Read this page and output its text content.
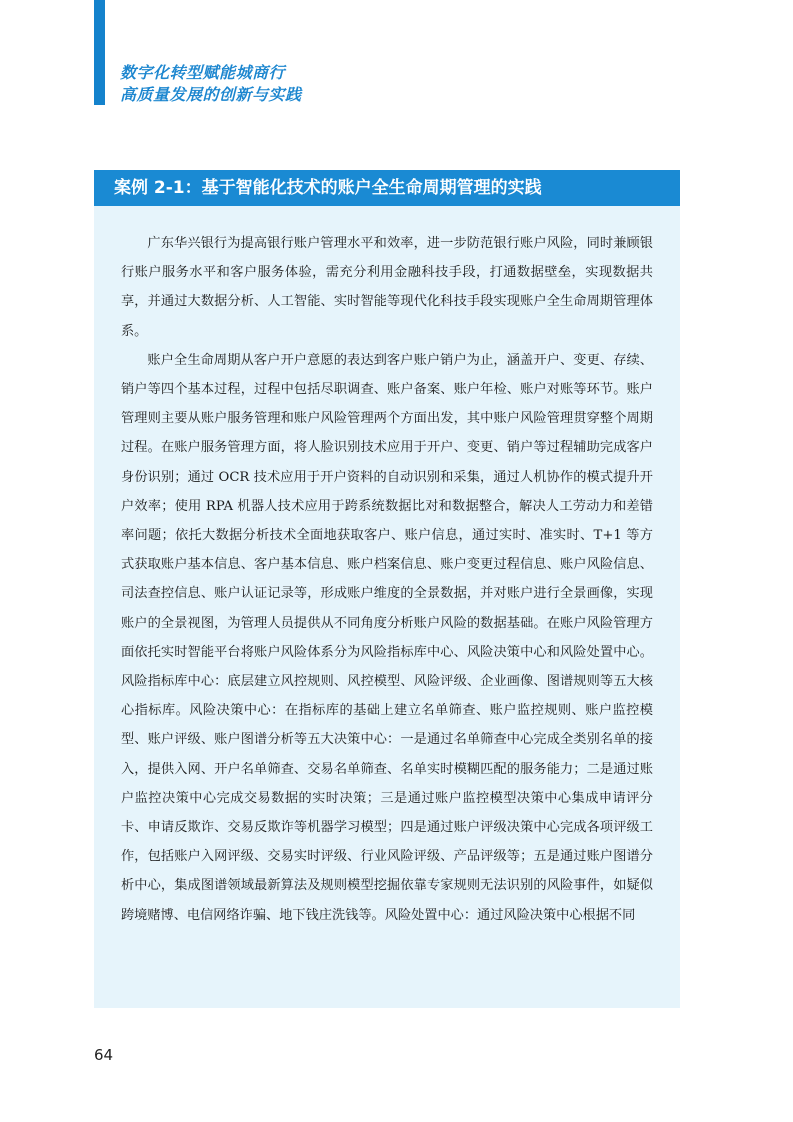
数字化转型赋能城商行
高质量发展的创新与实践
案例 2-1：基于智能化技术的账户全生命周期管理的实践

广东华兴银行为提高银行账户管理水平和效率，进一步防范银行账户风险，同时兼顾银行账户服务水平和客户服务体验，需充分利用金融科技手段，打通数据壁垒，实现数据共享，并通过大数据分析、人工智能、实时智能等现代化科技手段实现账户全生命周期管理体系。

账户全生命周期从客户开户意愿的表达到客户账户销户为止，涵盖开户、变更、存续、销户等四个基本过程，过程中包括尽职调查、账户备案、账户年检、账户对账等环节。账户管理则主要从账户服务管理和账户风险管理两个方面出发，其中账户风险管理贯穿整个周期过程。在账户服务管理方面，将人脸识别技术应用于开户、变更、销户等过程辅助完成客户身份识别；通过 OCR 技术应用于开户资料的自动识别和采集，通过人机协作的模式提升开户效率；使用 RPA 机器人技术应用于跨系统数据比对和数据整合，解决人工劳动力和差错率问题；依托大数据分析技术全面地获取客户、账户信息，通过实时、准实时、T+1 等方式获取账户基本信息、客户基本信息、账户档案信息、账户变更过程信息、账户风险信息、司法查控信息、账户认证记录等，形成账户维度的全景数据，并对账户进行全景画像，实现账户的全景视图，为管理人员提供从不同角度分析账户风险的数据基础。在账户风险管理方面依托实时智能平台将账户风险体系分为风险指标库中心、风险决策中心和风险处置中心。风险指标库中心：底层建立风控规则、风控模型、风险评级、企业画像、图谱规则等五大核心指标库。风险决策中心：在指标库的基础上建立名单筛查、账户监控规则、账户监控模型、账户评级、账户图谱分析等五大决策中心：一是通过名单筛查中心完成全类别名单的接入，提供入网、开户名单筛查、交易名单筛查、名单实时模糊匹配的服务能力；二是通过账户监控决策中心完成交易数据的实时决策；三是通过账户监控模型决策中心集成申请评分卡、申请反欺诈、交易反欺诈等机器学习模型；四是通过账户评级决策中心完成各项评级工作，包括账户入网评级、交易实时评级、行业风险评级、产品评级等；五是通过账户图谱分析中心，集成图谱领域最新算法及规则模型挖掘依靠专家规则无法识别的风险事件，如疑似跨境赌博、电信网络诈骗、地下钱庄洗钱等。风险处置中心：通过风险决策中心根据不同

64
